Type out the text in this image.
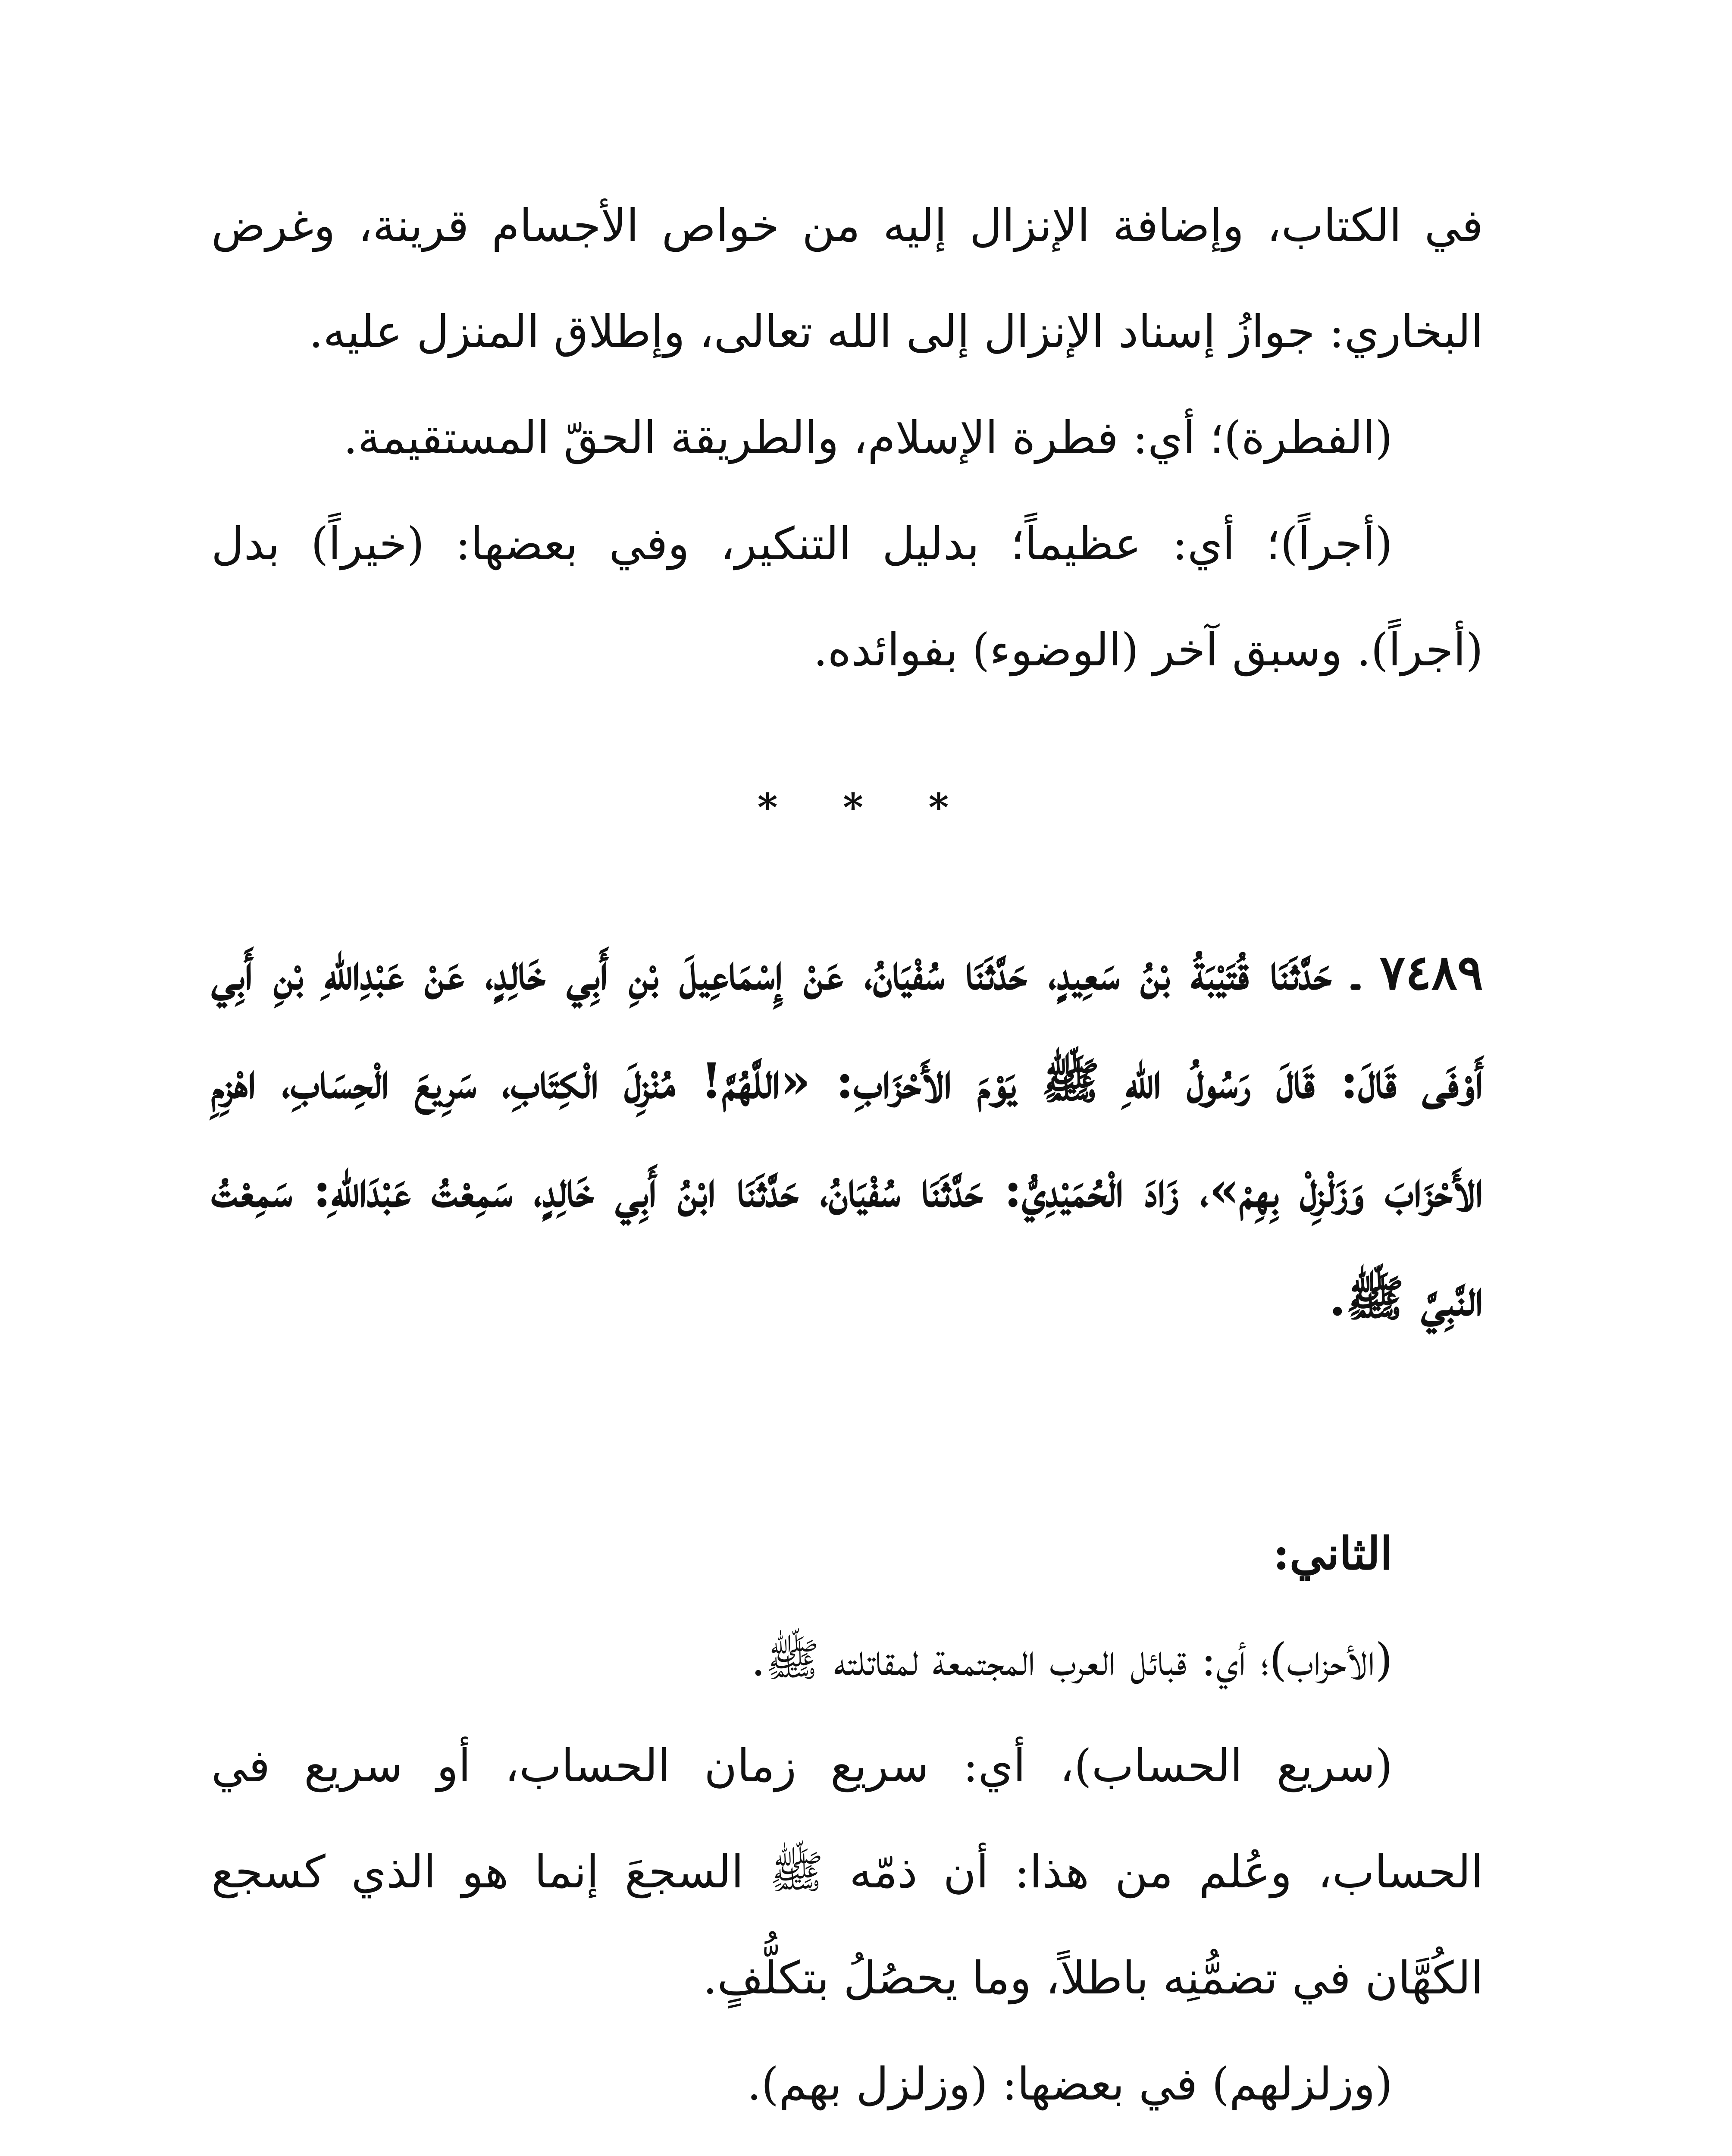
في الكتاب، وإضافة الإنزال إليه من خواص الأجسام قرينة، وغرض البخاري: جوازُ إسناد الإنزال إلى الله تعالى، وإطلاق المنزل عليه.

(الفطرة)؛ أي: فطرة الإسلام، والطريقة الحقّ المستقيمة.

(أجراً)؛ أي: عظيماً؛ بدليل التنكير، وفي بعضها: (خيراً) بدل (أجراً). وسبق آخر (الوضوء) بفوائده.

* * *

٧٤٨٩ ـ حَدَّثَنَا قُتَيْبَةُ بْنُ سَعِيدٍ، حَدَّثَنَا سُفْيَانُ، عَنْ إِسْمَاعِيلَ بْنِ أَبِي خَالِدٍ، عَنْ عَبْدِاللهِ بْنِ أَبِي أَوْفَى قَالَ: قَالَ رَسُولُ اللهِ ﷺ يَوْمَ الأَحْزَابِ: «اللَّهُمَّ! مُنْزِلَ الْكِتَابِ، سَرِيعَ الْحِسَابِ، اهْزِمِ الأَحْزَابَ وَزَلْزِلْ بِهِمْ»، زَادَ الْحُمَيْدِيُّ: حَدَّثَنَا سُفْيَانُ، حَدَّثَنَا ابْنُ أَبِي خَالِدٍ، سَمِعْتُ عَبْدَاللهِ: سَمِعْتُ النَّبِيَّ ﷺ.

الثاني:

(الأحزاب)؛ أي: قبائل العرب المجتمعة لمقاتلته ﷺ.

(سريع الحساب)، أي: سريع زمان الحساب، أو سريع في الحساب، وعُلم من هذا: أن ذمّه ﷺ السجعَ إنما هو الذي كسجع الكُهَّان في تضمُّنِه باطلاً، وما يحصُلُ بتكلُّفٍ.

(وزلزلهم) في بعضها: (وزلزل بهم).
